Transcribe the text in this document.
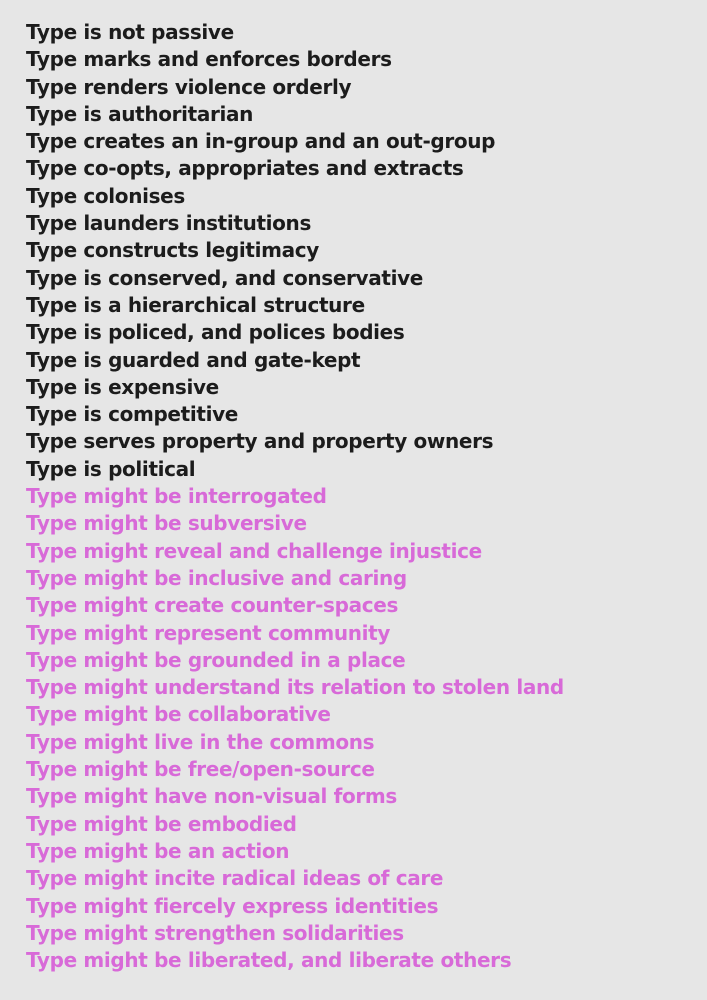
Type is not passive

Type marks and enforces borders

Type renders violence orderly

Type is authoritarian

Type creates an in-group and an out-group

Type co-opts, appropriates and extracts

Type colonises

Type launders institutions

Type constructs legitimacy

Type is conserved, and conservative

Type is a hierarchical structure

Type is policed, and polices bodies

Type is guarded and gate-kept

Type is expensive

Type is competitive

Type serves property and property owners

Type is political

Type might be interrogated

Type might be subversive

Type might reveal and challenge injustice

Type might be inclusive and caring

Type might create counter-spaces

Type might represent community

Type might be grounded in a place

Type might understand its relation to stolen land

Type might be collaborative

Type might live in the commons

Type might be free/open-source

Type might have non-visual forms

Type might be embodied

Type might be an action

Type might incite radical ideas of care

Type might fiercely express identities

Type might strengthen solidarities

Type might be liberated, and liberate others
